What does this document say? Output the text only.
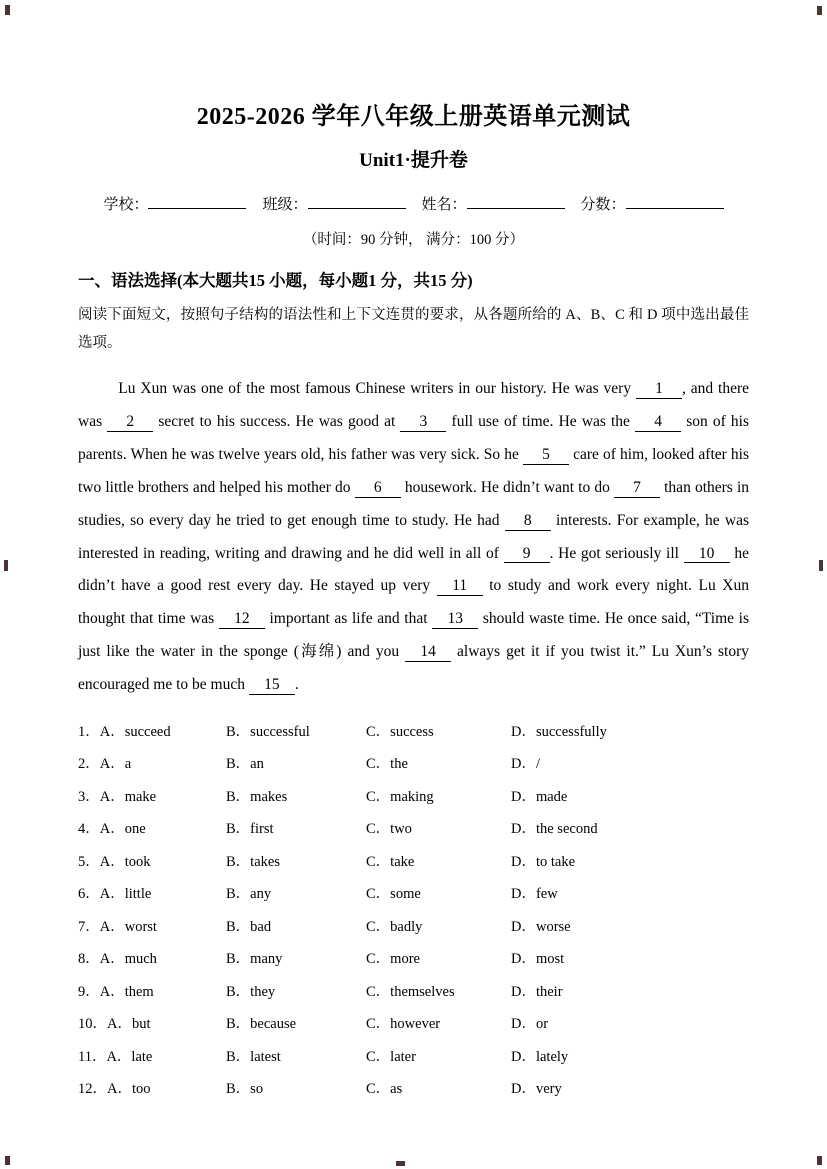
2025-2026 学年八年级上册英语单元测试
Unit1·提升卷
学校：	班级：	姓名：	分数：
（时间：90 分钟， 满分：100 分）
一、语法选择(本大题共15 小题，每小题1 分，共15 分)

阅读下面短文，按照句子结构的语法性和上下文连贯的要求，从各题所给的 A、B、C 和 D 项中选出最佳选项。

Lu Xun was one of the most famous Chinese writers in our history. He was very 1 , and there was 2 secret to his success. He was good at 3 full use of time. He was the 4 son of his parents. When he was twelve years old, his father was very sick. So he 5 care of him, looked after his two little brothers and helped his mother do 6 housework. He didn’t want to do 7 than others in studies, so every day he tried to get enough time to study. He had 8 interests. For example, he was interested in reading, writing and drawing and he did well in all of 9 . He got seriously ill 10 he didn’t have a good rest every day. He stayed up very 11 to study and work every night. Lu Xun thought that time was 12 important as life and that 13 should waste time. He once said, “Time is just like the water in the sponge (海绵) and you 14 always get it if you twist it.” Lu Xun’s story encouraged me to be much 15 .
1．A．succeed	B．successful	C．success	D．successfully
2．A．a	B．an	C．the	D．/
3．A．make	B．makes	C．making	D．made
4．A．one	B．first	C．two	D．the second
5．A．took	B．takes	C．take	D．to take
6．A．little	B．any	C．some	D．few
7．A．worst	B．bad	C．badly	D．worse
8．A．much	B．many	C．more	D．most
9．A．them	B．they	C．themselves	D．their
10．A．but	B．because	C．however	D．or
11．A．late	B．latest	C．later	D．lately
12．A．too	B．so	C．as	D．very
